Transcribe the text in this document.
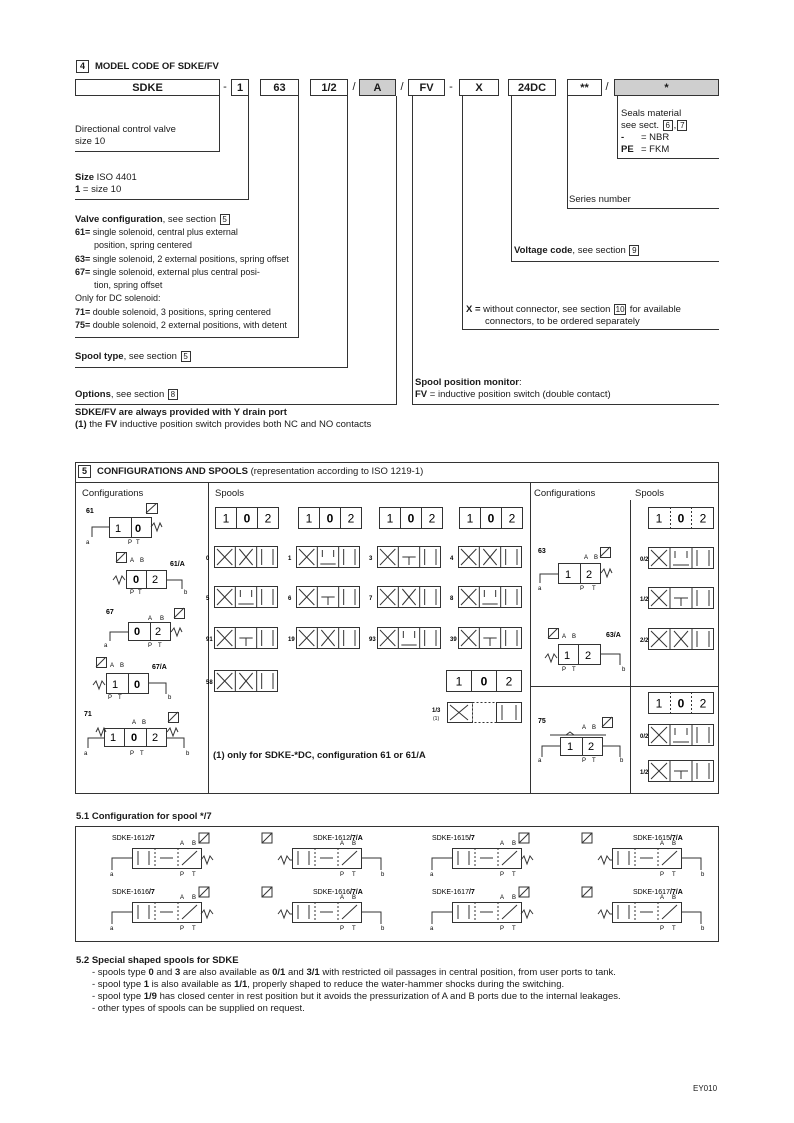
4 MODEL CODE OF SDKE/FV
SDKE	- 1	63	1/2	/	A	/	FV	-	X	24DC	**	/	*
Directional control valve
size 10
Size ISO 4401
1 = size 10
Valve configuration, see section 5
61= single solenoid, central plus external
position, spring centered
63= single solenoid, 2 external positions, spring offset
67= single solenoid, external plus central posi-
tion, spring offset
Only for DC solenoid:
71= double solenoid, 3 positions, spring centered
75= double solenoid, 2 external positions, with detent
Spool type, see section 5
Options, see section 8
SDKE/FV are always provided with Y drain port
(1) the FV inductive position switch provides both NC and NO contacts
Seals material
see sect. 6 , 7
- = NBR
PE = FKM
Series number
Voltage code, see section 9
X = without connector, see section 10 for available
connectors, to be ordered separately
Spool position monitor:
FV = inductive position switch (double contact)
5 CONFIGURATIONS AND SPOOLS (representation according to ISO 1219-1)
Configurations	Spools	Configurations	Spools
(1) only for SDKE-*DC, configuration 61 or 61/A
1 0 2	1 0 2	1 0 2	1 0 2
1 0 2
1 0 2
1 0 2
61
1 0
a	P T
A B	61/A
0 2
P T	b
67
A B
0 2
a	P T
A B	67/A
1 0
P T	b
71
A B
1 0 2
a	P T	b
0	1	3	4
5	6	7	8
91	19	93	39
58
1/3
(1)
63
A B
1 2
a	P T
A B	63/A
1 2
P T	b
75
A B
1 2
a	P T	b
0/2
1/2
2/2
0/2
1/2
5.1 Configuration for spool */7
SDKE-1612/7
a
A B
P T
SDKE-1612/7/A
b
A B
P T
SDKE-1615/7
a
A B
P T
SDKE-1615/7/A
b
A B
P T
SDKE-1616/7
a
A B
P T
SDKE-1616/7/A
b
A B
P T
SDKE-1617/7
a
A B
P T
SDKE-1617/7/A
b
A B
P T
5.2 Special shaped spools for SDKE
- spools type 0 and 3 are also available as 0/1 and 3/1 with restricted oil passages in central position, from user ports to tank.
- spool type 1 is also available as 1/1, properly shaped to reduce the water-hammer shocks during the switching.
- spool type 1/9 has closed center in rest position but it avoids the pressurization of A and B ports due to the internal leakages.
- other types of spools can be supplied on request.
EY010
